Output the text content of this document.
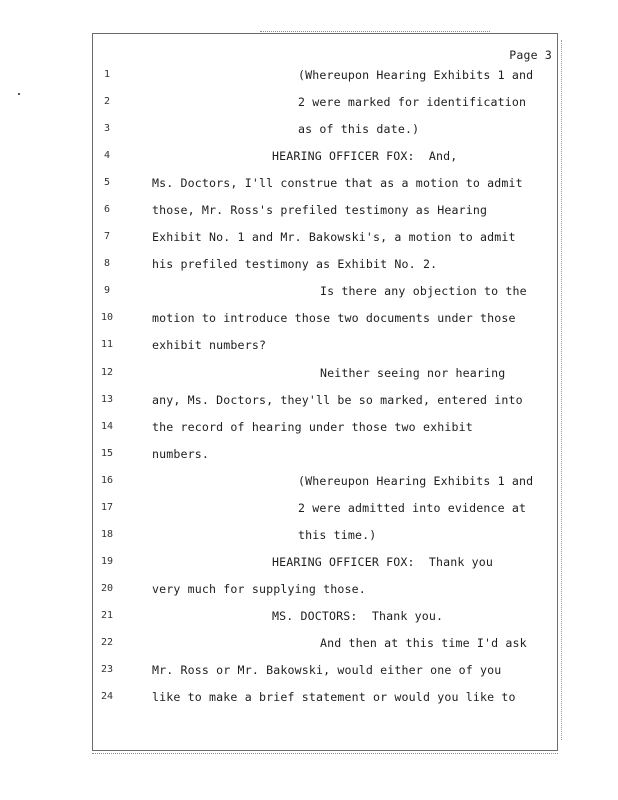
Page 3
1	(Whereupon Hearing Exhibits 1 and
2	2 were marked for identification
3	as of this date.)
4	HEARING OFFICER FOX:  And,
5	Ms. Doctors, I'll construe that as a motion to admit
6	those, Mr. Ross's prefiled testimony as Hearing
7	Exhibit No. 1 and Mr. Bakowski's, a motion to admit
8	his prefiled testimony as Exhibit No. 2.
9	Is there any objection to the
10	motion to introduce those two documents under those
11	exhibit numbers?
12	Neither seeing nor hearing
13	any, Ms. Doctors, they'll be so marked, entered into
14	the record of hearing under those two exhibit
15	numbers.
16	(Whereupon Hearing Exhibits 1 and
17	2 were admitted into evidence at
18	this time.)
19	HEARING OFFICER FOX:  Thank you
20	very much for supplying those.
21	MS. DOCTORS:  Thank you.
22	And then at this time I'd ask
23	Mr. Ross or Mr. Bakowski, would either one of you
24	like to make a brief statement or would you like to
